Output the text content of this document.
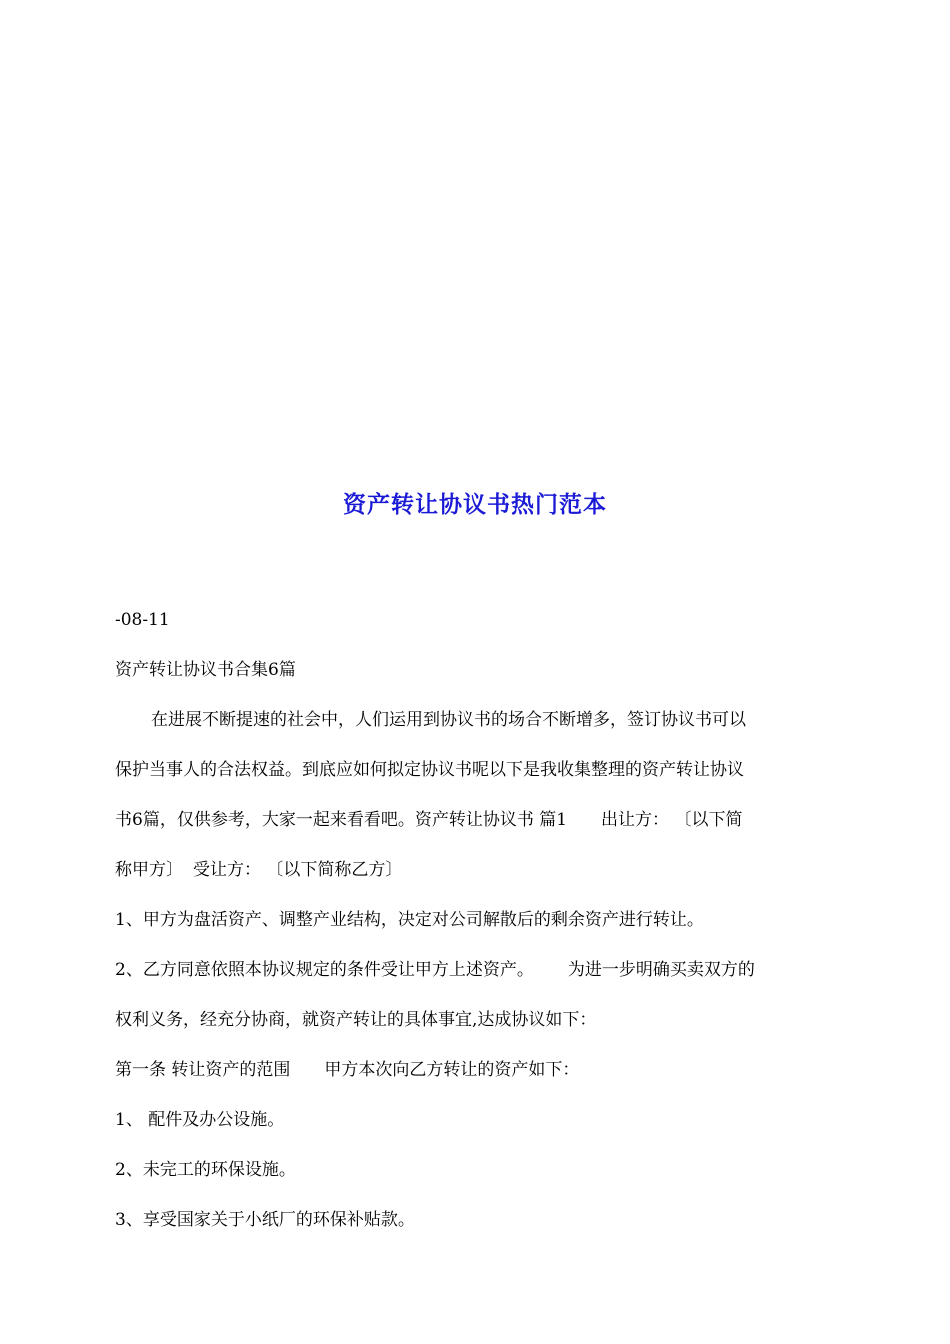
资产转让协议书热门范本
-08-11
资产转让协议书合集6篇
在进展不断提速的社会中，人们运用到协议书的场合不断增多，签订协议书可以
保护当事人的合法权益。到底应如何拟定协议书呢以下是我收集整理的资产转让协议
书6篇，仅供参考，大家一起来看看吧。资产转让协议书 篇1 出让方： 〔以下简
称甲方〕 受让方： 〔以下简称乙方〕
1、甲方为盘活资产、调整产业结构，决定对公司解散后的剩余资产进行转让。
2、乙方同意依照本协议规定的条件受让甲方上述资产。 为进一步明确买卖双方的
权利义务，经充分协商，就资产转让的具体事宜,达成协议如下：
第一条 转让资产的范围 甲方本次向乙方转让的资产如下：
1、 配件及办公设施。
2、未完工的环保设施。
3、享受国家关于小纸厂的环保补贴款。
